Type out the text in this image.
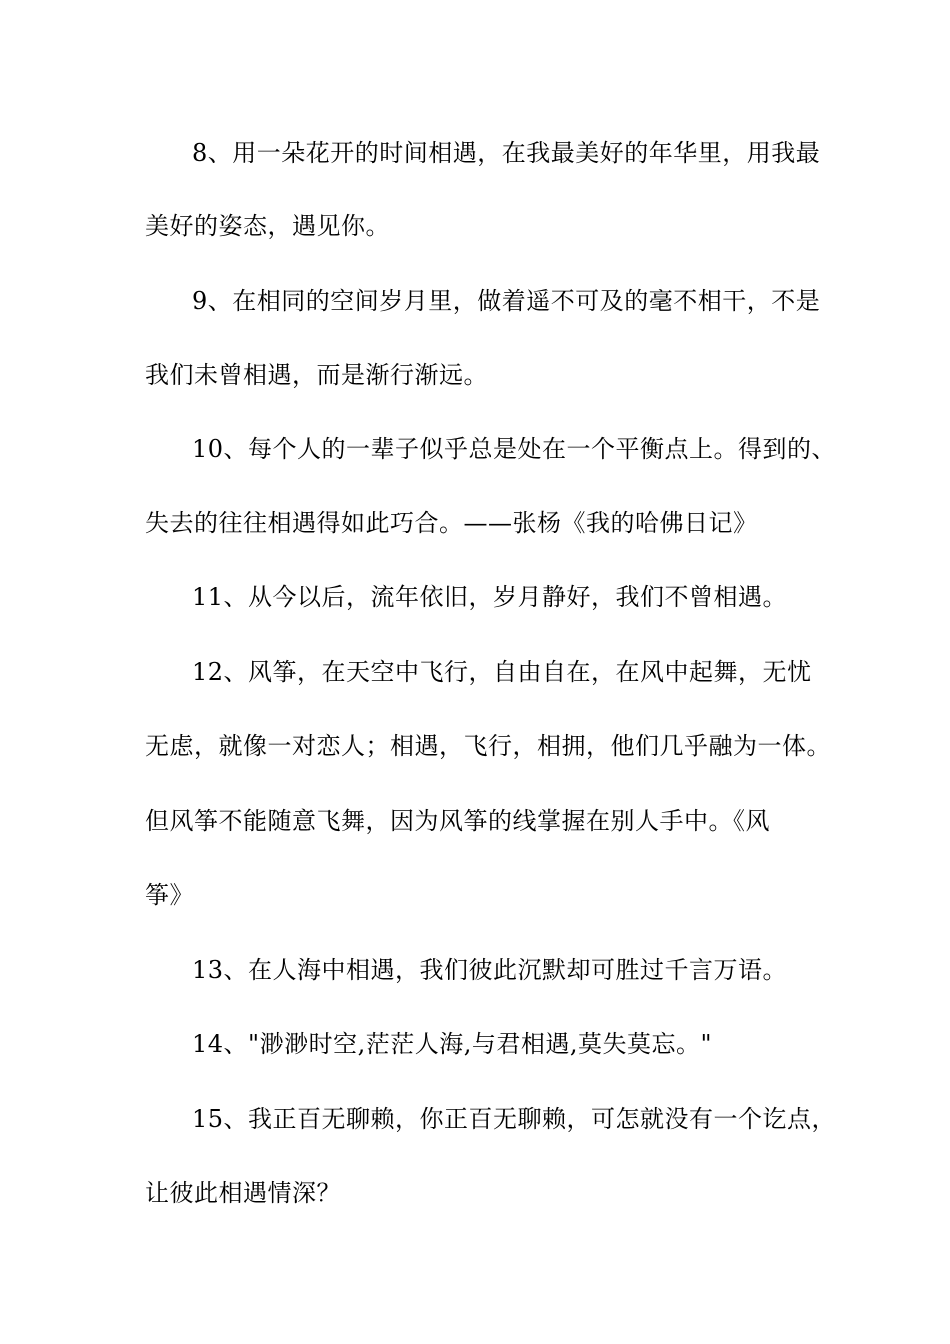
8、用一朵花开的时间相遇，在我最美好的年华里，用我最
美好的姿态，遇见你。
9、在相同的空间岁月里，做着遥不可及的毫不相干，不是
我们未曾相遇，而是渐行渐远。
10、每个人的一辈子似乎总是处在一个平衡点上。得到的、
失去的往往相遇得如此巧合。——张杨《我的哈佛日记》
11、从今以后，流年依旧，岁月静好，我们不曾相遇。
12、风筝，在天空中飞行，自由自在，在风中起舞，无忧
无虑，就像一对恋人；相遇，飞行，相拥，他们几乎融为一体。
但风筝不能随意飞舞，因为风筝的线掌握在别人手中。《风
筝》
13、在人海中相遇，我们彼此沉默却可胜过千言万语。
14、"渺渺时空,茫茫人海,与君相遇,莫失莫忘。"
15、我正百无聊赖，你正百无聊赖，可怎就没有一个讫点，
让彼此相遇情深？
